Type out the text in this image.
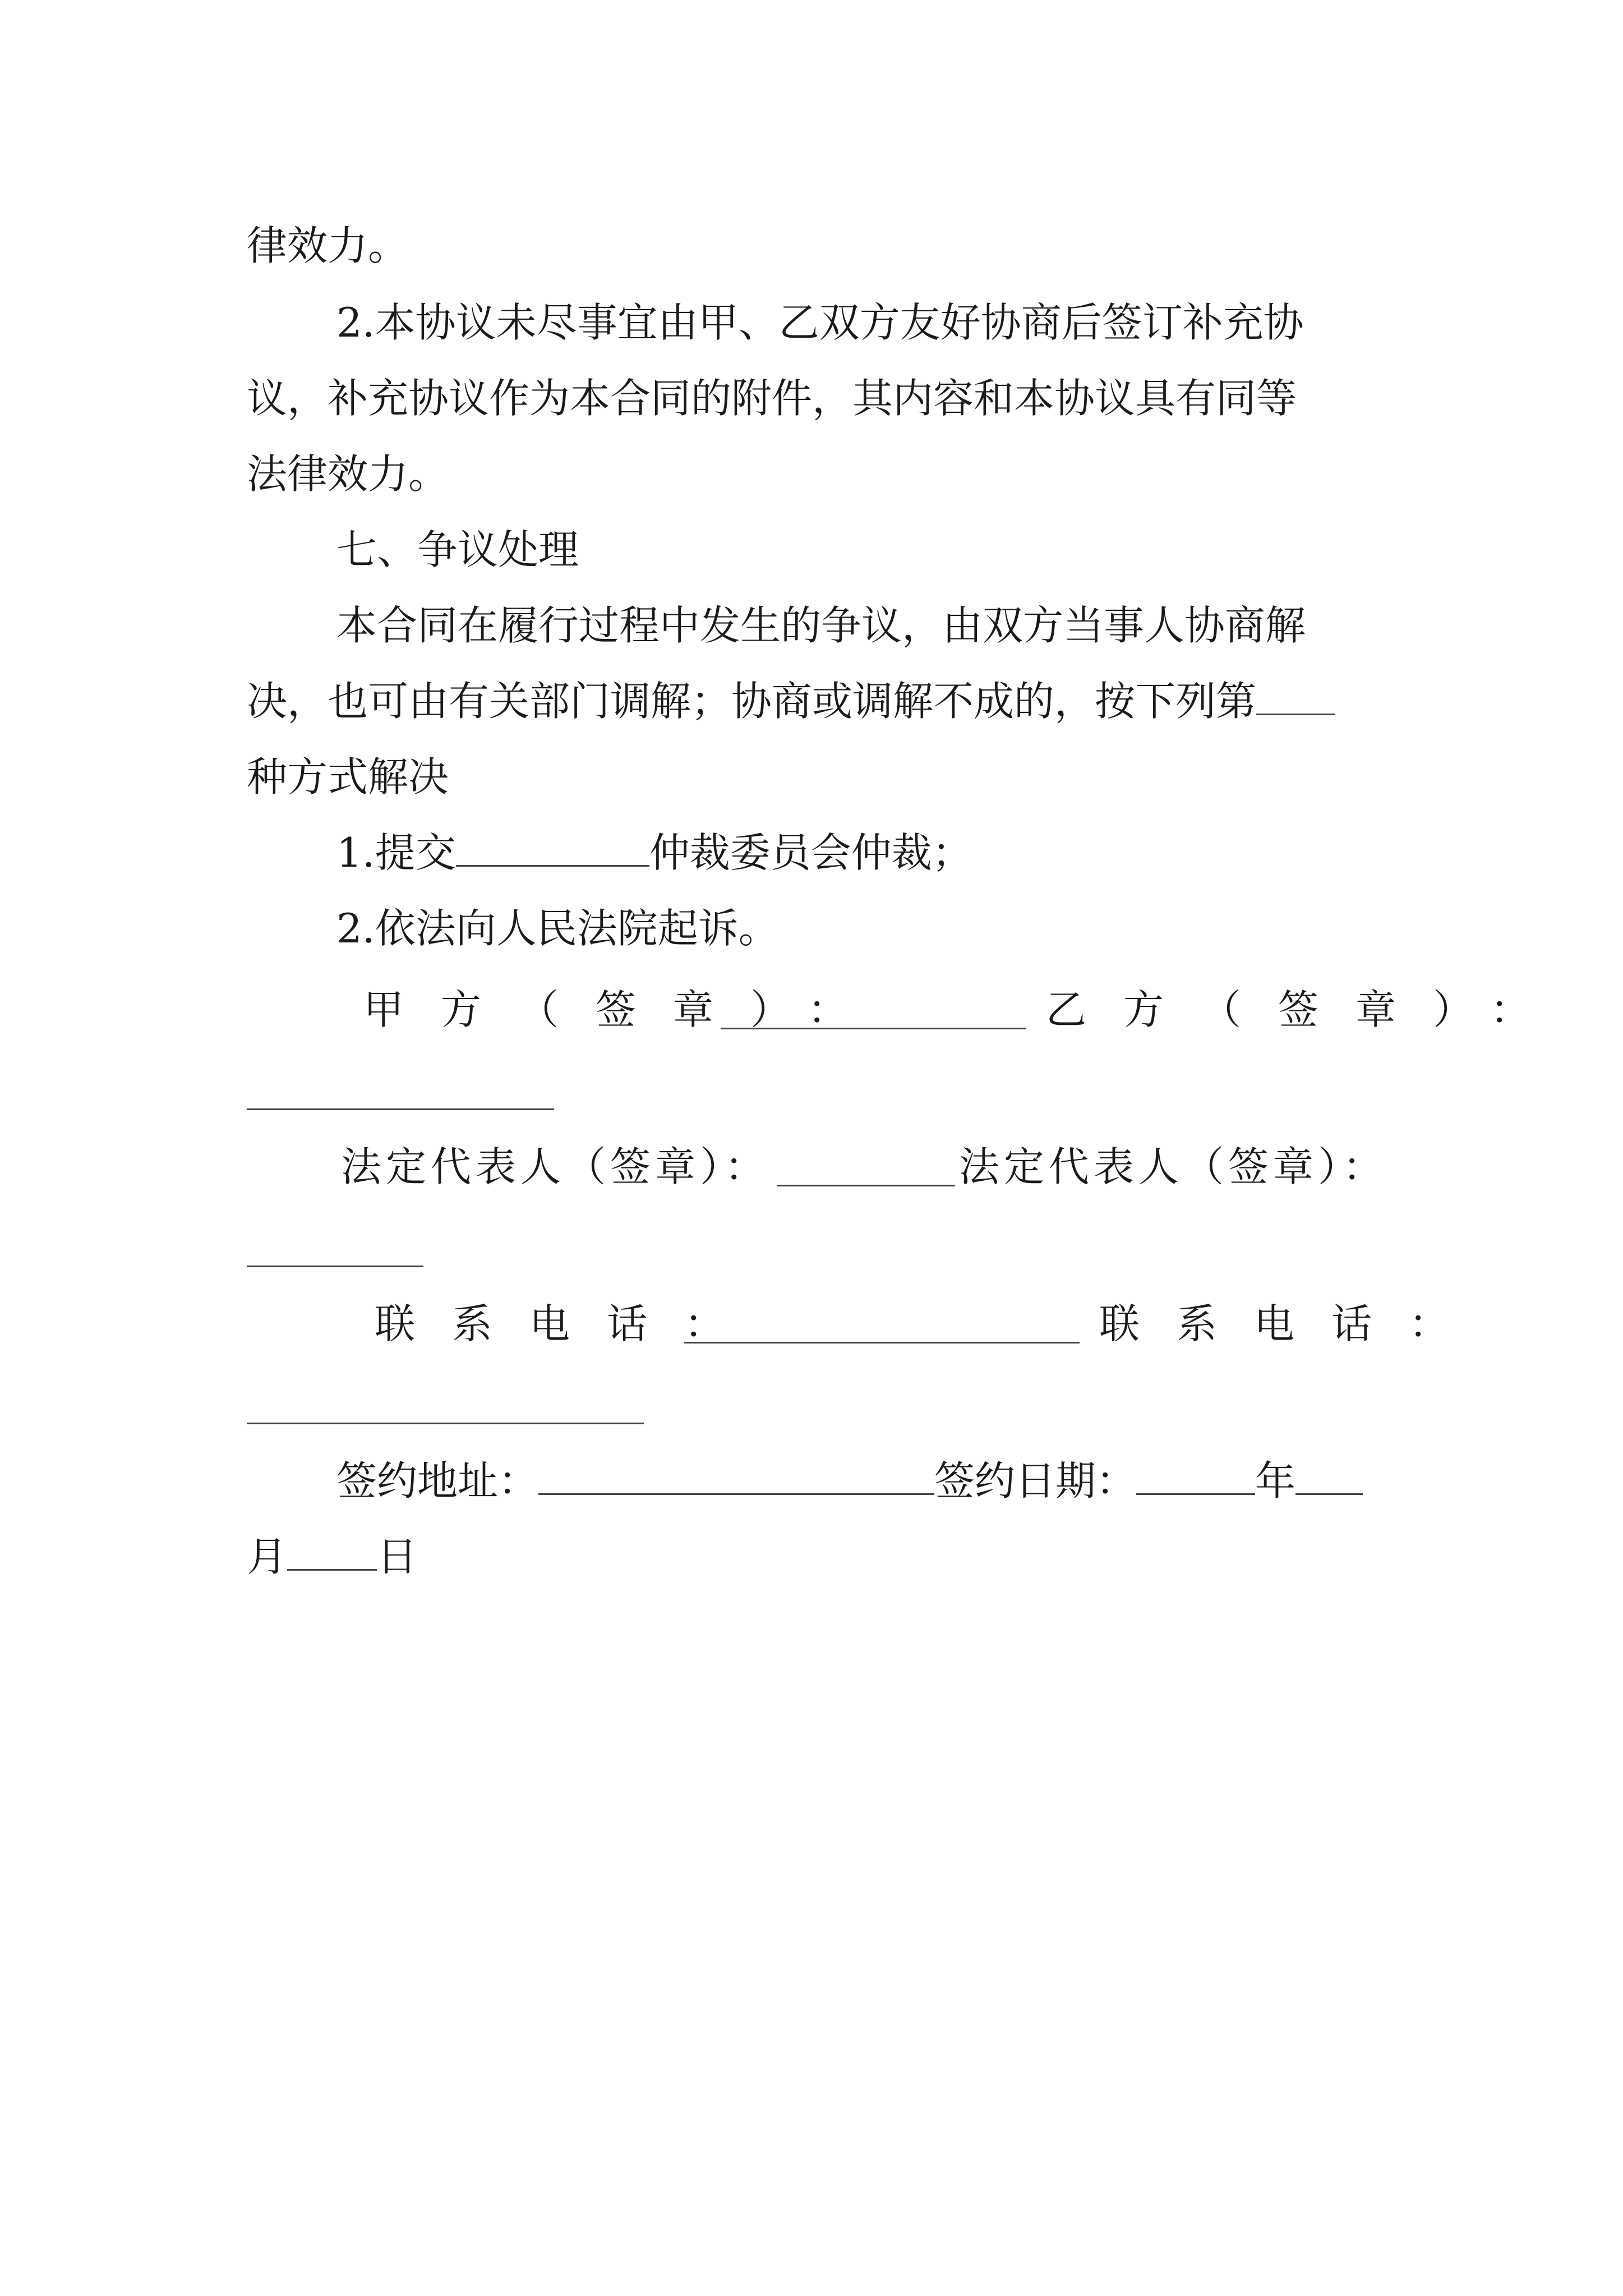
律效力。
2.本协议未尽事宜由甲、乙双方友好协商后签订补充协
议，补充协议作为本合同的附件，其内容和本协议具有同等
法律效力。
七、争议处理
本合同在履行过程中发生的争议，由双方当事人协商解
决，也可由有关部门调解；协商或调解不成的，按下列第
种方式解决
1.提交	仲裁委员会仲裁；
2.依法向人民法院起诉。
甲方（签章）：	乙方（签章）：
法定代表人（签章）：	法定代表人（签章）：
联系电话：	联系电话：
签约地址：	签约日期：	年
月 日
